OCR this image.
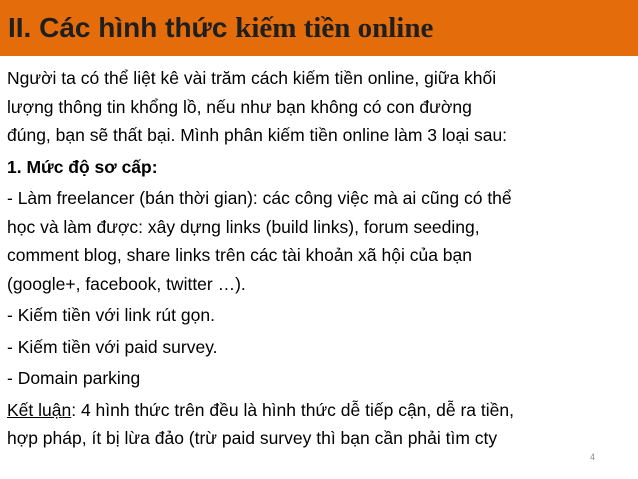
II. Các hình thức kiếm tiền online

Người ta có thể liệt kê vài trăm cách kiếm tiền online, giữa khối

lượng thông tin khổng lồ, nếu như bạn không có con đường

đúng, bạn sẽ thất bại. Mình phân kiếm tiền online làm 3 loại sau:

1. Mức độ sơ cấp:

- Làm freelancer (bán thời gian): các công việc mà ai cũng có thể

học và làm được: xây dựng links (build links), forum seeding,

comment blog, share links trên các tài khoản xã hội của bạn

(google+, facebook, twitter …).

- Kiếm tiền với link rút gọn.

- Kiếm tiền với paid survey.

- Domain parking

Kết luận: 4 hình thức trên đều là hình thức dễ tiếp cận, dễ ra tiền,

hợp pháp, ít bị lừa đảo (trừ paid survey thì bạn cần phải tìm cty

4
